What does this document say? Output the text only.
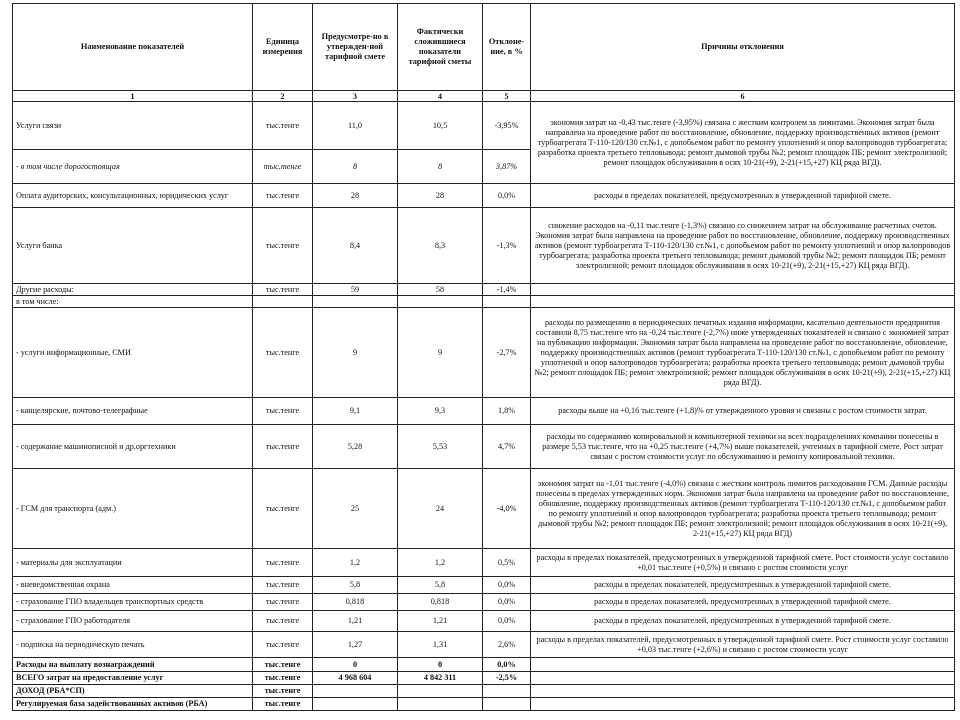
Наименование показателей	Единица измерения	Предусмотре-но в утвержден-ной тарифной смете	Фактически сложившиеся показатели тарифной сметы	Отклоне-ние, в %	Причины отклонения
1	2	3	4	5	6
Услуги связи	тыс.тенге	11,0	10,5	-3,95%	экономия затрат на -0,43 тыс.тенге (-3,95%) связана с жестким контролем за лимитами. Экономия затрат была направлена на проведение работ по восстановление, обновление, поддержку производственных активов (ремонт турбоагрегата Т-110-120/130 ст.№1, с допобьемом работ по ремонту уплотнений и опор валопроводов турбоагрегата; разработка проекта третьего тепловывода; ремонт дымовой трубы №2; ремонт площадок ПБ; ремонт электролизной; ремонт площадок обслуживания в осях 10-21(+9), 2-21(+15,+27) КЦ ряда ВГД).
- в том числе дорогостоящая	тыс.тенге	8	8	3,87%	
Оплата аудиторских, консультационных, юридических услуг	тыс.тенге	28	28	0,0%	расходы в пределах показателей, предусмотренных в утвержденной тарифной смете.
Услуги банка	тыс.тенге	8,4	8,3	-1,3%	снижение расходов на -0,11 тыс.тенге (-1,3%) связано со снижением затрат на обслуживание расчетных счетов. Экономия затрат была направлена на проведение работ по восстановление, обновление, поддержку производственных активов (ремонт турбоагрегата Т-110-120/130 ст.№1, с допобьемом работ по ремонту уплотнений и опор валопроводов турбоагрегата; разработка проекта третьего тепловывода; ремонт дымовой трубы №2; ремонт площадок ПБ; ремонт электролизной; ремонт площадок обслуживания в осях 10-21(+9), 2-21(+15,+27) КЦ ряда ВГД).
Другие расходы:	тыс.тенге	59	58	-1,4%	
в том числе:					
- услуги информационные, СМИ	тыс.тенге	9	9	-2,7%	расходы по размещению в периодических печатных издания информации, касательно деятельности предприятия составили 8,75 тыс.тенге что на -0,24 тыс.тенге (-2,7%) ниже утвержденных показателей и связано с экономией затрат на публикацию информации. Экономия затрат была направлена на проведение работ по восстановление, обновление, поддержку производственных активов (ремонт турбоагрегата Т-110-120/130 ст.№1, с допобьемом работ по ремонту уплотнений и опор валопроводов турбоагрегата; разработка проекта третьего тепловывода; ремонт дымовой трубы №2; ремонт площадок ПБ; ремонт электролизной; ремонт площадок обслуживания в осях 10-21(+9), 2-21(+15,+27) КЦ ряда ВГД).
- канцелярские, почтово-телеграфные	тыс.тенге	9,1	9,3	1,8%	расходы выше на +0,16 тыс.тенге (+1,8)% от утвержденного уровня и связаны с ростом стоимости затрат.
- содержание машинописной и др.оргтехники	тыс.тенге	5,28	5,53	4,7%	расходы по содержанию копировальной и компьютерной техники на всех подразделениях компании понесены в размере 5,53 тыс.тенге, что на +0,25 тыс.тенге (+4,7%) выше показателей, учтенных в тарифной смете. Рост затрат связан с ростом стоимости услуг по обслуживанию и ремонту копировальной техники.
- ГСМ для транспорта (адм.)	тыс.тенге	25	24	-4,0%	экономия затрат на -1,01 тыс.тенге (-4,0%) связана с жестким контроль лимитов расходования ГСМ. Данные расходы понесены в пределах утвержденных норм. Экономия затрат была направлена на проведение работ по восстановление, обновление, поддержку производственных активов (ремонт турбоагрегата Т-110-120/130 ст.№1, с допобьемом работ по ремонту уплотнений и опор валопроводов турбоагрегата; разработка проекта третьего тепловывода; ремонт дымовой трубы №2; ремонт площадок ПБ; ремонт электролизной; ремонт площадок обслуживания в осях 10-21(+9), 2-21(+15,+27) КЦ ряда ВГД)
- материалы для эксплуатации	тыс.тенге	1,2	1,2	0,5%	расходы в пределах показателей, предусмотренных в утвержденной тарифной смете. Рост стоимости услуг составило +0,01 тыс.тенге (+0,5%) и связано с ростом стоимости услуг
- вневедомственная охрана	тыс.тенге	5,8	5,8	0,0%	расходы в пределах показателей, предусмотренных в утвержденной тарифной смете.
- страхование ГПО владельцев транспортных средств	тыс.тенге	0,818	0,818	0,0%	расходы в пределах показателей, предусмотренных в утвержденной тарифной смете.
- страхование ГПО работодателя	тыс.тенге	1,21	1,21	0,0%	расходы в пределах показателей, предусмотренных в утвержденной тарифной смете.
- подписка на периодическую печать	тыс.тенге	1,27	1,31	2,6%	расходы в пределах показателей, предусмотренных в утвержденной тарифной смете. Рост стоимости услуг составило +0,03 тыс.тенге (+2,6%) и связано с ростом стоимости услуг
Расходы на выплату вознаграждений	тыс.тенге	0	0	0,0%	
ВСЕГО затрат на предоставление услуг	тыс.тенге	4 968 604	4 842 311	-2,5%	
ДОХОД (РБА*СП)	тыс.тенге				
Регулируемая база задействованных активов (РБА)	тыс.тенге				
